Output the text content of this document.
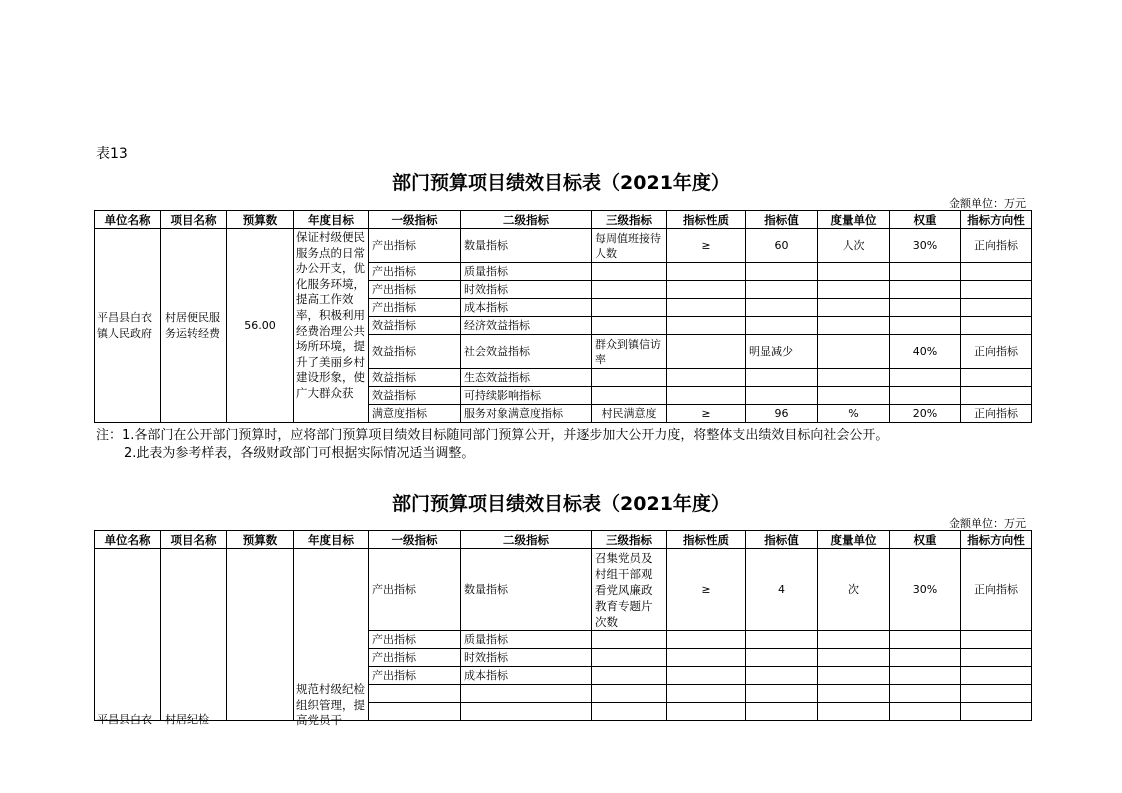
表13
部门预算项目绩效目标表（2021年度）
金额单位：万元
单位名称	项目名称	预算数	年度目标	一级指标	二级指标	三级指标	指标性质	指标值	度量单位	权重	指标方向性
平昌县白衣镇人民政府	村居便民服务运转经费	56.00	保证村级便民服务点的日常办公开支，优化服务环境，提高工作效率，积极利用经费治理公共场所环境，提升了美丽乡村建设形象，使广大群众获	产出指标	数量指标	每周值班接待人数	≥	60	人次	30%	正向指标
				产出指标	质量指标						
				产出指标	时效指标						
				产出指标	成本指标						
				效益指标	经济效益指标						
				效益指标	社会效益指标	群众到镇信访率		明显减少		40%	正向指标
				效益指标	生态效益指标						
				效益指标	可持续影响指标						
				满意度指标	服务对象满意度指标	村民满意度	≥	96	%	20%	正向指标
注：1.各部门在公开部门预算时，应将部门预算项目绩效目标随同部门预算公开，并逐步加大公开力度，将整体支出绩效目标向社会公开。
2.此表为参考样表，各级财政部门可根据实际情况适当调整。
部门预算项目绩效目标表（2021年度）
金额单位：万元
单位名称	项目名称	预算数	年度目标	一级指标	二级指标	三级指标	指标性质	指标值	度量单位	权重	指标方向性

平昌县白衣	村居纪检		规范村级纪检组织管理，提高党员干	产出指标	数量指标	召集党员及村组干部观看党风廉政教育专题片次数	≥	4	次	30%	正向指标
				产出指标	质量指标						
				产出指标	时效指标						
				产出指标	成本指标						
